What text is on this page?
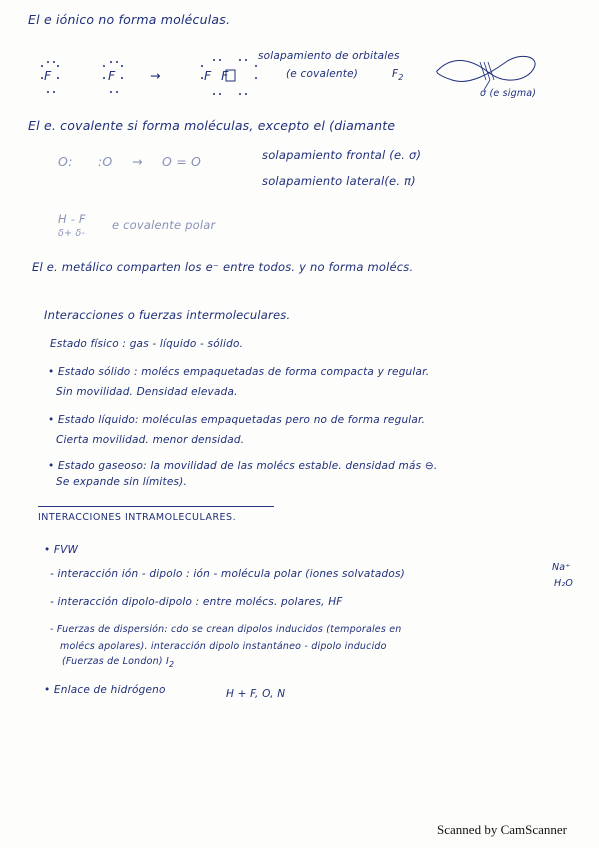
El e iónico no forma moléculas.
F	F	→	F F
solapamiento de orbitales
(e covalente)	$F_2$
σ (e sigma)
El e. covalente si forma moléculas, excepto el (diamante
O: :O → O = O	solapamiento frontal (e. σ)
solapamiento lateral(e. π)
H - F
δ+ δ-
e covalente polar
El e. metálico comparten los e⁻ entre todos. y no forma molécs.
Interacciones o fuerzas intermoleculares.
Estado físico : gas - líquido - sólido.
• Estado sólido : molécs empaquetadas de forma compacta y regular.
Sin movilidad. Densidad elevada.
• Estado líquido: moléculas empaquetadas pero no de forma regular.
Cierta movilidad. menor densidad.
• Estado gaseoso: la movilidad de las molécs estable. densidad más ⊖.
Se expande sin límites).
INTERACCIONES INTRAMOLECULARES.
• FVW
- interacción ión - dipolo : ión - molécula polar (iones solvatados)
Na⁺
H₂O
- interacción dipolo-dipolo : entre molécs. polares, HF
- Fuerzas de dispersión: cdo se crean dipolos inducidos (temporales en
molécs apolares). interacción dipolo instantáneo - dipolo inducido
(Fuerzas de London) $I_2$
• Enlace de hidrógeno	H + F, O, N
Scanned by CamScanner
